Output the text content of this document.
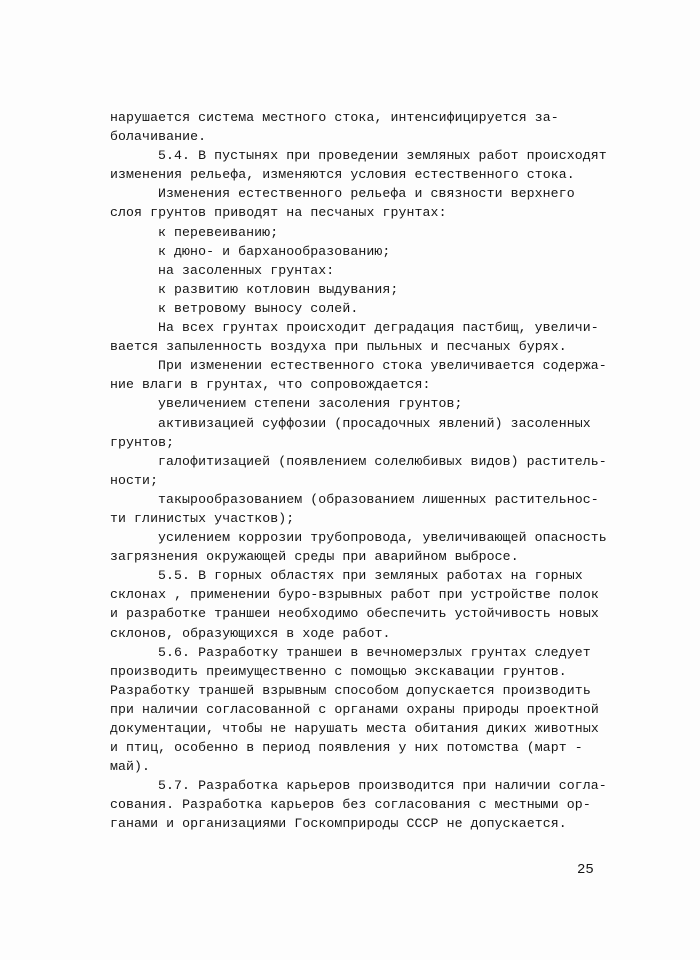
нарушается система местного стока, интенсифицируется за-
болачивание.
5.4. В пустынях при проведении земляных работ происходят
изменения рельефа, изменяются условия естественного стока.
Изменения естественного рельефа и связности верхнего
слоя грунтов приводят на песчаных грунтах:
к перевеиванию;
к дюно- и барханообразованию;
на засоленных грунтах:
к развитию котловин выдувания;
к ветровому выносу солей.
На всех грунтах происходит деградация пастбищ, увеличи-
вается запыленность воздуха при пыльных и песчаных бурях.
При изменении естественного стока увеличивается содержа-
ние влаги в грунтах, что сопровождается:
увеличением степени засоления грунтов;
активизацией суффозии (просадочных явлений) засоленных
грунтов;
галофитизацией (появлением солелюбивых видов) раститель-
ности;
такырообразованием (образованием лишенных растительнос-
ти глинистых участков);
усилением коррозии трубопровода, увеличивающей опасность
загрязнения окружающей среды при аварийном выбросе.
5.5. В горных областях при земляных работах на горных
склонах , применении буро-взрывных работ при устройстве полок
и разработке траншеи необходимо обеспечить устойчивость новых
склонов, образующихся в ходе работ.
5.6. Разработку траншеи в вечномерзлых грунтах следует
производить преимущественно с помощью экскавации грунтов.
Разработку траншей взрывным способом допускается производить
при наличии согласованной с органами охраны природы проектной
документации, чтобы не нарушать места обитания диких животных
и птиц, особенно в период появления у них потомства (март -
май).
5.7. Разработка карьеров производится при наличии согла-
сования. Разработка карьеров без согласования с местными ор-
ганами и организациями Госкомприроды СССР не допускается.
25
